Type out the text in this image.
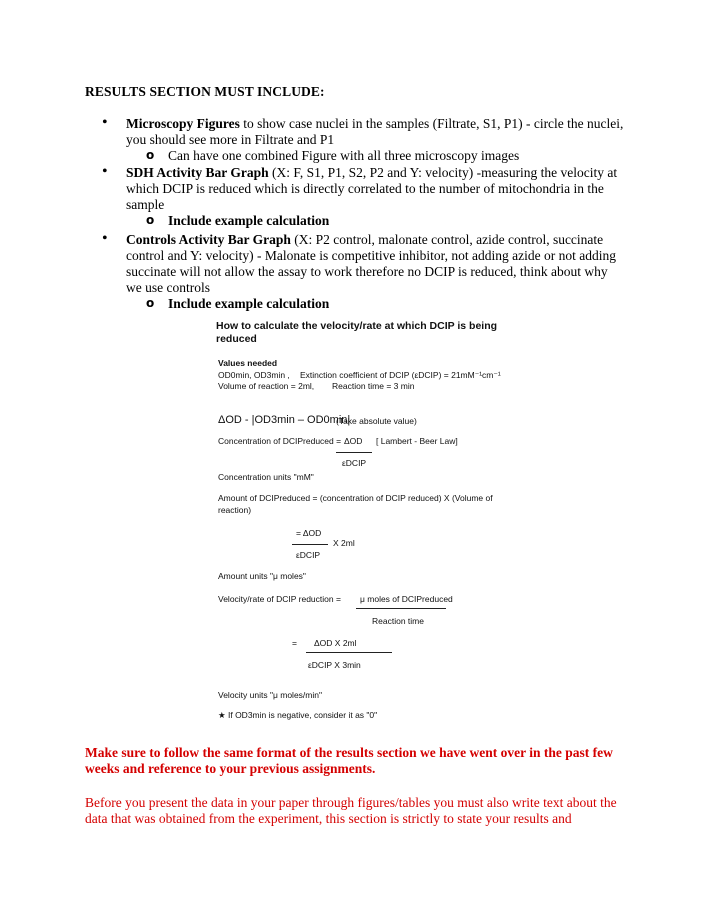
RESULTS SECTION MUST INCLUDE:
• Microscopy Figures to show case nuclei in the samples (Filtrate, S1, P1) - circle the nuclei, you should see more in Filtrate and P1
o Can have one combined Figure with all three microscopy images
• SDH Activity Bar Graph (X: F, S1, P1, S2, P2 and Y: velocity) -measuring the velocity at which DCIP is reduced which is directly correlated to the number of mitochondria in the sample
o Include example calculation
• Controls Activity Bar Graph (X: P2 control, malonate control, azide control, succinate control and Y: velocity) - Malonate is competitive inhibitor, not adding azide or not adding succinate will not allow the assay to work therefore no DCIP is reduced, think about why we use controls
o Include example calculation
How to calculate the velocity/rate at which DCIP is being reduced
Values needed
OD0min, OD3min , Extinction coefficient of DCIP (εDCIP) = 21mM⁻¹cm⁻¹
Volume of reaction = 2ml, Reaction time = 3 min
ΔOD - |OD3min – OD0min|
(Take absolute value)
Concentration of DCIPreduced = ΔOD
εDCIP
[ Lambert - Beer Law]
Concentration units "mM"
Amount of DCIPreduced = (concentration of DCIP reduced) X (Volume of reaction)
= ΔOD
εDCIP
X 2ml
Amount units "μ moles"
Velocity/rate of DCIP reduction = μ moles of DCIPreduced
Reaction time
= ΔOD X 2ml
εDCIP X 3min
Velocity units "μ moles/min"
★ If OD3min is negative, consider it as "0"
Make sure to follow the same format of the results section we have went over in the past few weeks and reference to your previous assignments.
Before you present the data in your paper through figures/tables you must also write text about the data that was obtained from the experiment, this section is strictly to state your results and
